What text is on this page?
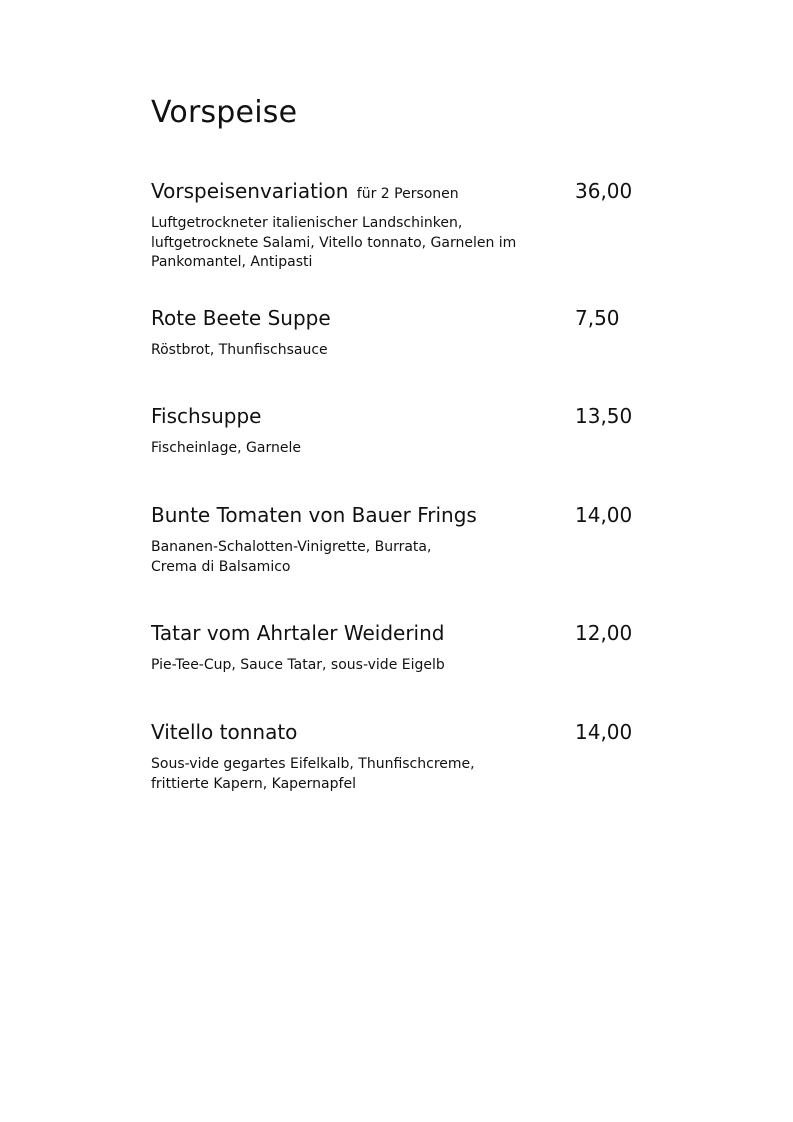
Vorspeise
Vorspeisenvariation für 2 Personen	36,00
Luftgetrockneter italienischer Landschinken,
luftgetrocknete Salami, Vitello tonnato, Garnelen im
Pankomantel, Antipasti
Rote Beete Suppe	7,50
Röstbrot, Thunfischsauce
Fischsuppe	13,50
Fischeinlage, Garnele
Bunte Tomaten von Bauer Frings	14,00
Bananen-Schalotten-Vinigrette, Burrata,
Crema di Balsamico
Tatar vom Ahrtaler Weiderind	12,00
Pie-Tee-Cup, Sauce Tatar, sous-vide Eigelb
Vitello tonnato	14,00
Sous-vide gegartes Eifelkalb, Thunfischcreme,
frittierte Kapern, Kapernapfel
